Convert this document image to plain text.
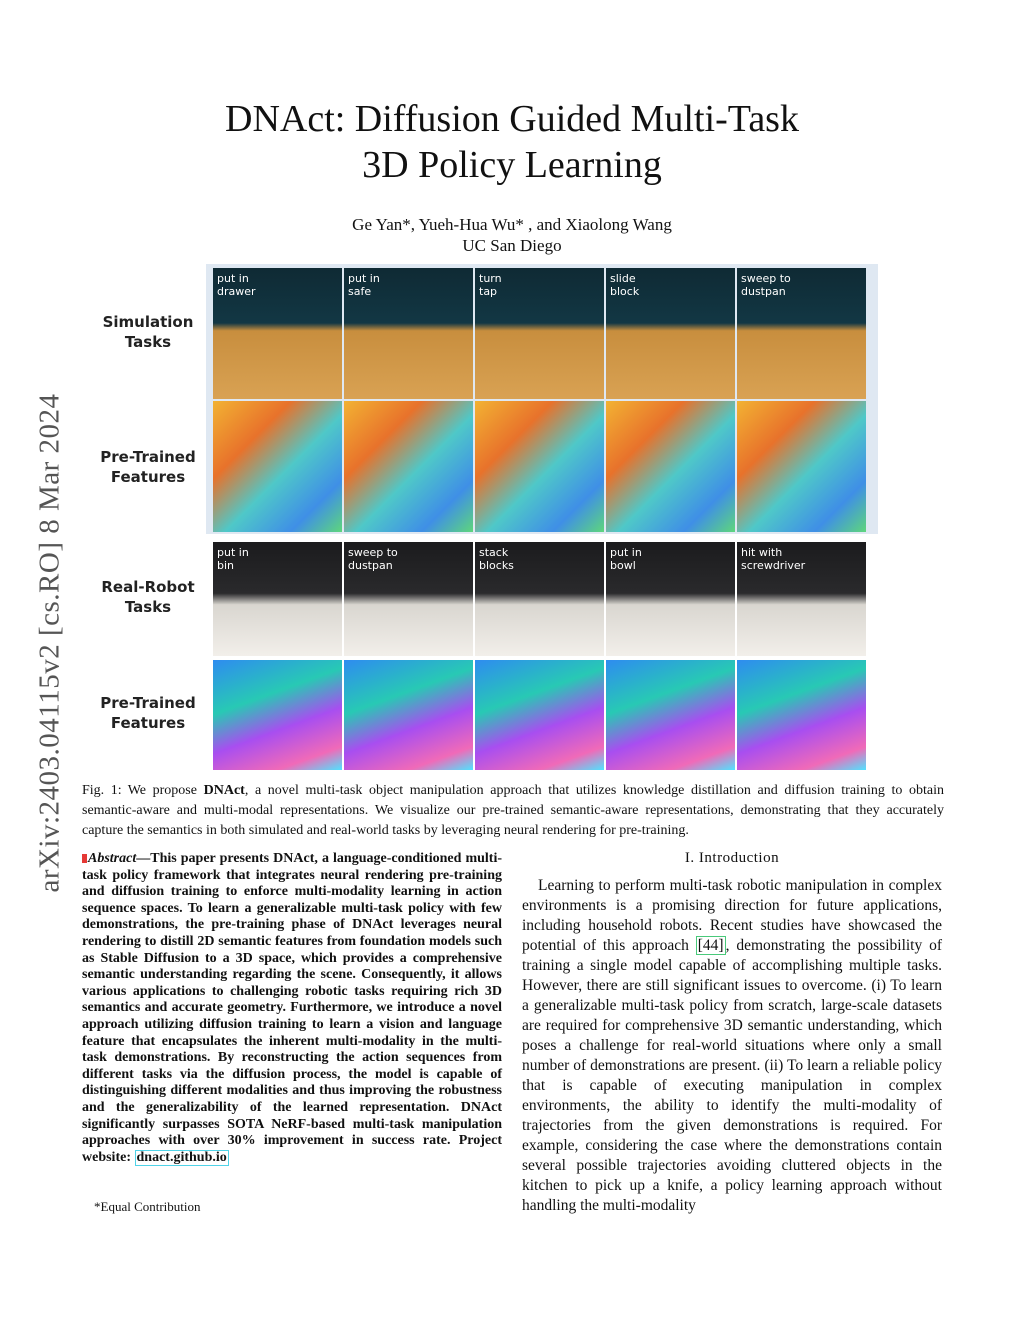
arXiv:2403.04115v2 [cs.RO] 8 Mar 2024
DNAct: Diffusion Guided Multi-Task
3D Policy Learning
Ge Yan*, Yueh-Hua Wu* , and Xiaolong Wang
UC San Diego
Simulation Tasks
Pre-Trained Features
Real-Robot Tasks
Pre-Trained Features
put in
drawer
put in
safe
turn
tap
slide
block
sweep to
dustpan
put in
bin
sweep to
dustpan
stack
blocks
put in
bowl
hit with
screwdriver
Fig. 1: We propose DNAct, a novel multi-task object manipulation approach that utilizes knowledge distillation and diffusion training to obtain semantic-aware and multi-modal representations. We visualize our pre-trained semantic-aware representations, demonstrating that they accurately capture the semantics in both simulated and real-world tasks by leveraging neural rendering for pre-training.
Abstract—This paper presents DNAct, a language-conditioned multi-task policy framework that integrates neural rendering pre-training and diffusion training to enforce multi-modality learning in action sequence spaces. To learn a generalizable multi-task policy with few demonstrations, the pre-training phase of DNAct leverages neural rendering to distill 2D semantic features from foundation models such as Stable Diffusion to a 3D space, which provides a comprehensive semantic understanding regarding the scene. Consequently, it allows various applications to challenging robotic tasks requiring rich 3D semantics and accurate geometry. Furthermore, we introduce a novel approach utilizing diffusion training to learn a vision and language feature that encapsulates the inherent multi-modality in the multi-task demonstrations. By reconstructing the action sequences from different tasks via the diffusion process, the model is capable of distinguishing different modalities and thus improving the robustness and the generalizability of the learned representation. DNAct significantly surpasses SOTA NeRF-based multi-task manipulation approaches with over 30% improvement in success rate. Project website: dnact.github.io
*Equal Contribution
I. Introduction
Learning to perform multi-task robotic manipulation in complex environments is a promising direction for future applications, including household robots. Recent studies have showcased the potential of this approach [44] , demonstrating the possibility of training a single model capable of accomplishing multiple tasks. However, there are still significant issues to overcome. (i) To learn a generalizable multi-task policy from scratch, large-scale datasets are required for comprehensive 3D semantic understanding, which poses a challenge for real-world situations where only a small number of demonstrations are present. (ii) To learn a reliable policy that is capable of executing manipulation in complex environments, the ability to identify the multi-modality of trajectories from the given demonstrations is required. For example, considering the case where the demonstrations contain several possible trajectories avoiding cluttered objects in the kitchen to pick up a knife, a policy learning approach without handling the multi-modality
